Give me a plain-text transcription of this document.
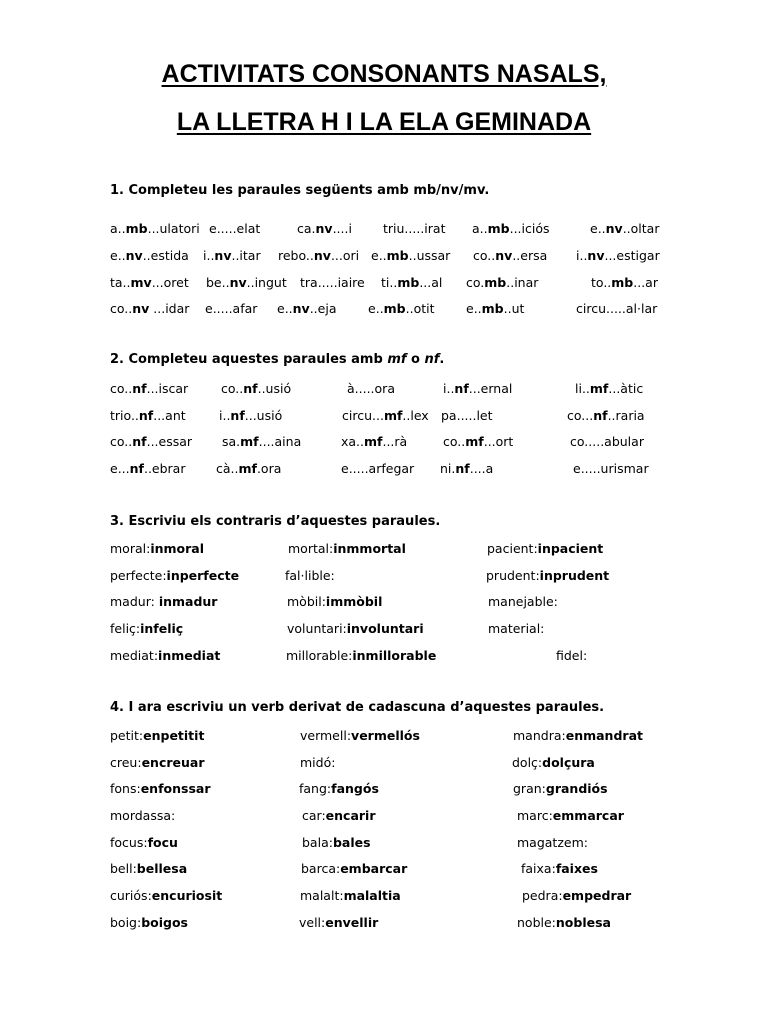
ACTIVITATS CONSONANTS NASALS,
LA LLETRA H I LA ELA GEMINADA
1. Completeu les paraules següents amb mb/nv/mv.
a..mb...ulatori e.....elat	ca.nv....i triu.....irat a..mb...iciós	e..nv..oltar
e..nv..estida i..nv..itar rebo..nv...ori e..mb..ussar co..nv..ersa i..nv...estigar
ta..mv...oret be..nv..ingut tra.....iaire ti..mb...al co.mb..inar	to..mb...ar
co..nv ...idar e.....afar e..nv..eja	e..mb..otit	e..mb..ut	circu.....al·lar
2. Completeu aquestes paraules amb mf o nf.
co..nf...iscar	co..nf..usió	à.....ora	i..nf...ernal	li..mf...àtic
trio..nf...ant	i..nf...usió	circu...mf..lex pa.....let	co...nf..raria
co..nf...essar sa.mf....aina	xa..mf...rà	co..mf...ort	co.....abular
e...nf..ebrar cà..mf.ora	e.....arfegar ni.nf....a	e.....urismar
3. Escriviu els contraris d’aquestes paraules.
moral:inmoral	mortal:inmmortal	pacient:inpacient
perfecte:inperfecte	fal·lible:	prudent:inprudent
madur: inmadur	mòbil:immòbil	manejable:
feliç:infeliç	voluntari:involuntari	material:
mediat:inmediat	millorable:inmillorable	fidel:
4. I ara escriviu un verb derivat de cadascuna d’aquestes paraules.
petit:enpetitit	vermell:vermellós	mandra:enmandrat
creu:encreuar	midó:	dolç:dolçura
fons:enfonssar	fang:fangós	gran:grandiós
mordassa:	car:encarir	marc:emmarcar
focus:focu	bala:bales	magatzem:
bell:bellesa	barca:embarcar	faixa:faixes
curiós:encuriosit	malalt:malaltia	pedra:empedrar
boig:boigos	vell:envellir	noble:noblesa
